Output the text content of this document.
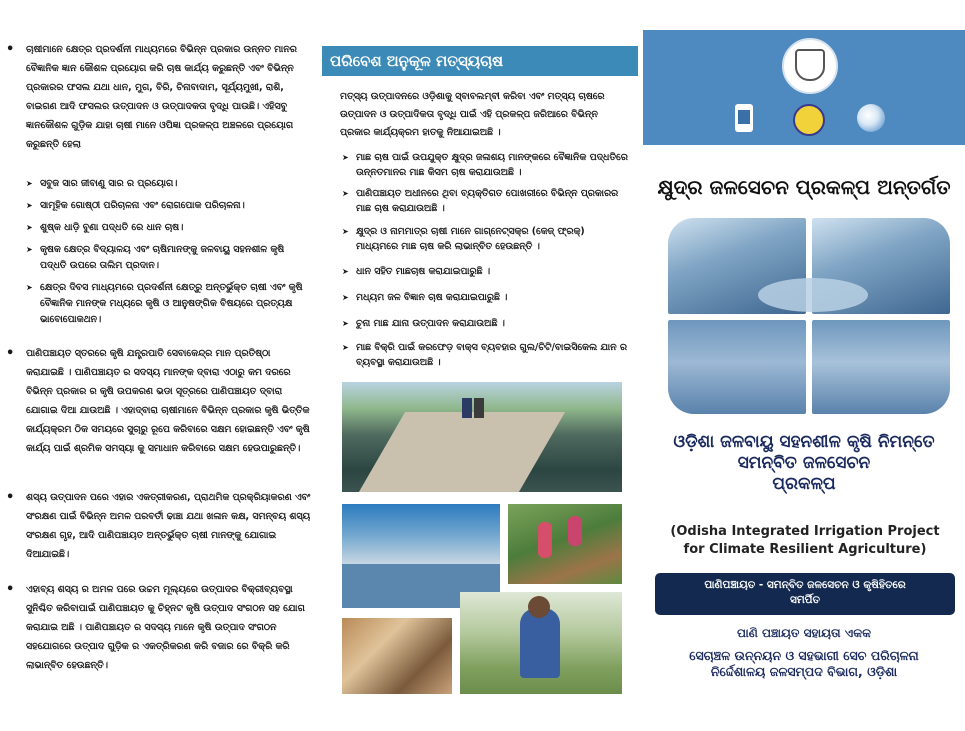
• ଚାଷୀମାନେ କ୍ଷେତ୍ର ପ୍ରଦର୍ଶନୀ ମାଧ୍ୟମରେ ବିଭିନ୍ନ ପ୍ରକାର ଉନ୍ନତ ମାନର ବୈଜ୍ଞାନିକ ଜ୍ଞାନ କୌଶଳ ପ୍ରୟୋଗ କରି ଚାଷ କାର୍ଯ୍ୟ କରୁଛନ୍ତି ଏବଂ ବିଭିନ୍ନ ପ୍ରକାରର ଫସଲ ଯଥା ଧାନ, ମୁଗ, ବିରି, ଚିନାବାଦାମ, ସୂର୍ଯ୍ୟମୁଖୀ, ରାଶି, ବାଇଗଣ ଆଦି ଫସଲର ଉତ୍ପାଦନ ଓ ଉତ୍ପାଦକତା ବୃଦ୍ଧି ପାଉଛି। ଏହିସବୁ ଜ୍ଞାନକୌଶଳ ଗୁଡ଼ିକ ଯାହା ଚାଷୀ ମାନେ ଓପିଜ୍ଞା ପ୍ରକଳ୍ପ ଅଞ୍ଚଳରେ ପ୍ରୟୋଗ କରୁଛନ୍ତି ହେଲା
➤ ସବୁଜ ସାର ଜୀବାଣୁ ସାର ର ପ୍ରୟୋଗ।
➤ ସାମୂହିକ ଗୋଷ୍ଠୀ ପରିଚାଳନା ଏବଂ ରୋଗପୋକ ପରିଚାଳନା।
➤ ଶୁଷ୍କ ଧାଡ଼ି ବୁଣା ପଦ୍ଧତି ରେ ଧାନ ଚାଷ।
➤ କୃଷକ କ୍ଷେତ୍ର ବିଦ୍ୟାଳୟ ଏବଂ ଚାଷିମାନଙ୍କୁ ଜଳବାୟୁ ସହନଶୀଳ କୃଷି ପଦ୍ଧତି ଉପରେ ତାଲିମ ପ୍ରଦାନ।
➤ କ୍ଷେତ୍ର ଦିବସ ମାଧ୍ୟମରେ ପ୍ରଦର୍ଶନୀ କ୍ଷେତ୍ରୁ ଅନ୍ତର୍ଭୁକ୍ତ ଚାଷୀ ଏବଂ କୃଷି ବୈଜ୍ଞାନିକ ମାନଙ୍କ ମଧ୍ୟରେ କୃଷି ଓ ଆନୁଷଙ୍ଗିକ ବିଷୟରେ ପ୍ରତ୍ୟକ୍ଷ ଭାବୋପୋକଥନ।
• ପାଣିପଞ୍ଚାୟତ ସ୍ତରରେ କୃଷି ଯନ୍ତ୍ରପାତି ସେବାକେନ୍ଦ୍ର ମାନ ପ୍ରତିଷ୍ଠା କରାଯାଇଛି । ପାଣିପଞ୍ଚାୟତ ର ସଦସ୍ୟ ମାନଙ୍କ ଦ୍ବାରା ଏଠାରୁ କମ ଦରରେ ବିଭିନ୍ନ ପ୍ରକାର ର କୃଷି ଉପକରଣ ଭଡା ସୂତ୍ରରେ ପାଣିପଞ୍ଚାୟତ ଦ୍ବାରା ଯୋଗାଇ ଦିଆ ଯାଉଅଛି । ଏହାଦ୍ବାରା ଚାଷୀମାନେ ବିଭିନ୍ନ ପ୍ରକାର କୃଷି ଭିତ୍ତିକ କାର୍ଯ୍ୟକ୍ରମ ଠିକ ସମୟରେ ସୁଚାରୁ ରୂପେ କରିବାରେ ସକ୍ଷମ ହୋଇଛନ୍ତି ଏବଂ କୃଷି କାର୍ଯ୍ୟ ପାଇଁ ଶ୍ରମିକ ସମସ୍ୟା କୁ ସମାଧାନ କରିବାରେ ସକ୍ଷମ ହେଉପାରୁଛନ୍ତି।
• ଶସ୍ୟ ଉତ୍ପାଦନ ପରେ ଏହାର ଏକତ୍ରୀକରଣ, ପ୍ରାଥମିକ ପ୍ରକ୍ରିୟାକରଣ ଏବଂ ସଂରକ୍ଷଣ ପାଇଁ ବିଭିନ୍ନ ଅମଳ ପରବର୍ତୀ ଢାଞ୍ଚା ଯଥା ଖଳାନ କକ୍ଷ, ସମନ୍ବୟ ଶସ୍ୟ ସଂରକ୍ଷଣ ଗୃହ, ଆଦି ପାଣିପଞ୍ଚାୟତ ଅନ୍ତର୍ଭୁକ୍ତ ଚାଷୀ ମାନଙ୍କୁ ଯୋଗାଇ ଦିଆଯାଇଛି।
• ଏହାବ୍ୟ ଶସ୍ୟ ର ଅମଳ ପରେ ଉଚ୍ଚମ ମୂଲ୍ୟରେ ଉତ୍ପାଦର ବିକ୍ରୀବ୍ୟବସ୍ଥା ସୁନିଶ୍ଚିତ କରିବାପାଇଁ ପାଣିପଞ୍ଚାୟତ କୁ ଚିହ୍ନଟ କୃଷି ଉତ୍ପାଦ ସଂଗଠନ ସହ ଯୋଗ କରାଯାଇ ଅଛି । ପାଣିପଞ୍ଚାୟତ ର ସଦସ୍ୟ ମାନେ କୃଷି ଉତ୍ପାଦ ସଂଗଠନ ସହଯୋଗରେ ଉତ୍ପାଦ ଗୁଡ଼ିକ ର ଏକତ୍ରିକରଣ କରି ବଜାର ରେ ବିକ୍ରି କରି ଲାଭାନ୍ବିତ ହେଉଛନ୍ତି।
ପରିବେଶ ଅନୁକୂଳ ମତ୍ସ୍ୟଚାଷ
ମତ୍ସ୍ୟ ଉତ୍ପାଦନରେ ଓଡ଼ିଶାକୁ ସ୍ବାବଲମ୍ବୀ କରିବା ଏବଂ ମତ୍ସ୍ୟ ଚାଷରେ ଉତ୍ପାଦନ ଓ ଉତ୍ପାଦିକତା ବୃଦ୍ଧି ପାଇଁ ଏହି ପ୍ରକଳ୍ପ ଜରିଆରେ ବିଭିନ୍ନ ପ୍ରକାର କାର୍ଯ୍ୟକ୍ରମ ହାତକୁ ନିଆଯାଇଅଛି ।
➤ ମାଛ ଚାଷ ପାଇଁ ଉପଯୁକ୍ତ କ୍ଷୁଦ୍ର ଜଳାଶୟ ମାନଙ୍କରେ ବୈଜ୍ଞାନିକ ପଦ୍ଧତିରେ ଉନ୍ନତମାନର ମାଛ କିସମ ଚାଷ କରାଯାଉଅଛି ।
➤ ପାଣିପଞ୍ଚାୟତ ଅଧୀନରେ ଥିବା ବ୍ୟକ୍ତିଗତ ପୋଖରୀରେ ବିଭିନ୍ନ ପ୍ରକାରର ମାଛ ଚାଷ କରାଯାଉଅଛି ।
➤ କ୍ଷୁଦ୍ର ଓ ନାମମାତ୍ର ଚାଷୀ ମାନେ ଗାଗ୍ନେଟ୍ସକ୍ର (କେଜ୍ ଫ୍ରକ୍) ମାଧ୍ୟମରେ ମାଛ ଚାଷ କରି ଲାଭାନ୍ବିତ ହେଉଛନ୍ତି ।
➤ ଧାନ ସହିତ ମାଛଚାଷ କରାଯାଇପାରୁଛି ।
➤ ମଧ୍ୟମ ଜଳ ବିଜ୍ଞାନ ଚାଷ କରାଯାଇପାରୁଛି ।
➤ ଚୁନା ମାଛ ଯାନା ଉତ୍ପାଦନ କରାଯାଉଅଛି ।
➤ ମାଛ ବିକ୍ରି ପାଇଁ କରଫେଡ଼ ବାକ୍ସ ବ୍ୟବହାର ଗୁଲ/ଚିଟି/ବାଇସିକେଲ ଯାନ ର ବ୍ୟବସ୍ଥା କରାଯାଉଅଛି ।
କ୍ଷୁଦ୍ର ଜଳସେଚନ ପ୍ରକଳ୍ପ ଅନ୍ତର୍ଗତ
ଓଡ଼ିଶା ଜଳବାୟୁ ସହନଶୀଳ କୃଷି ନିମନ୍ତେ
ସମନ୍ବିତ ଜଳସେଚନ
ପ୍ରକଳ୍ପ
(Odisha Integrated Irrigation Project
for Climate Resilient Agriculture)
ପାଣିପଞ୍ଚାୟତ - ସମନ୍ବିତ ଜଳସେଚନ ଓ କୃଷିହିତରେ
ସମର୍ପିତ
ପାଣି ପଞ୍ଚାୟତ ସହାୟତା ଏକକ
ସେଚାଞ୍ଚଳ ଉନ୍ନୟନ ଓ ସହଭାଗୀ ସେଚ ପରିଚାଳନା
ନିର୍ଦ୍ଦେଶାଳୟ ଜଳସମ୍ପଦ ବିଭାଗ, ଓଡ଼ିଶା
